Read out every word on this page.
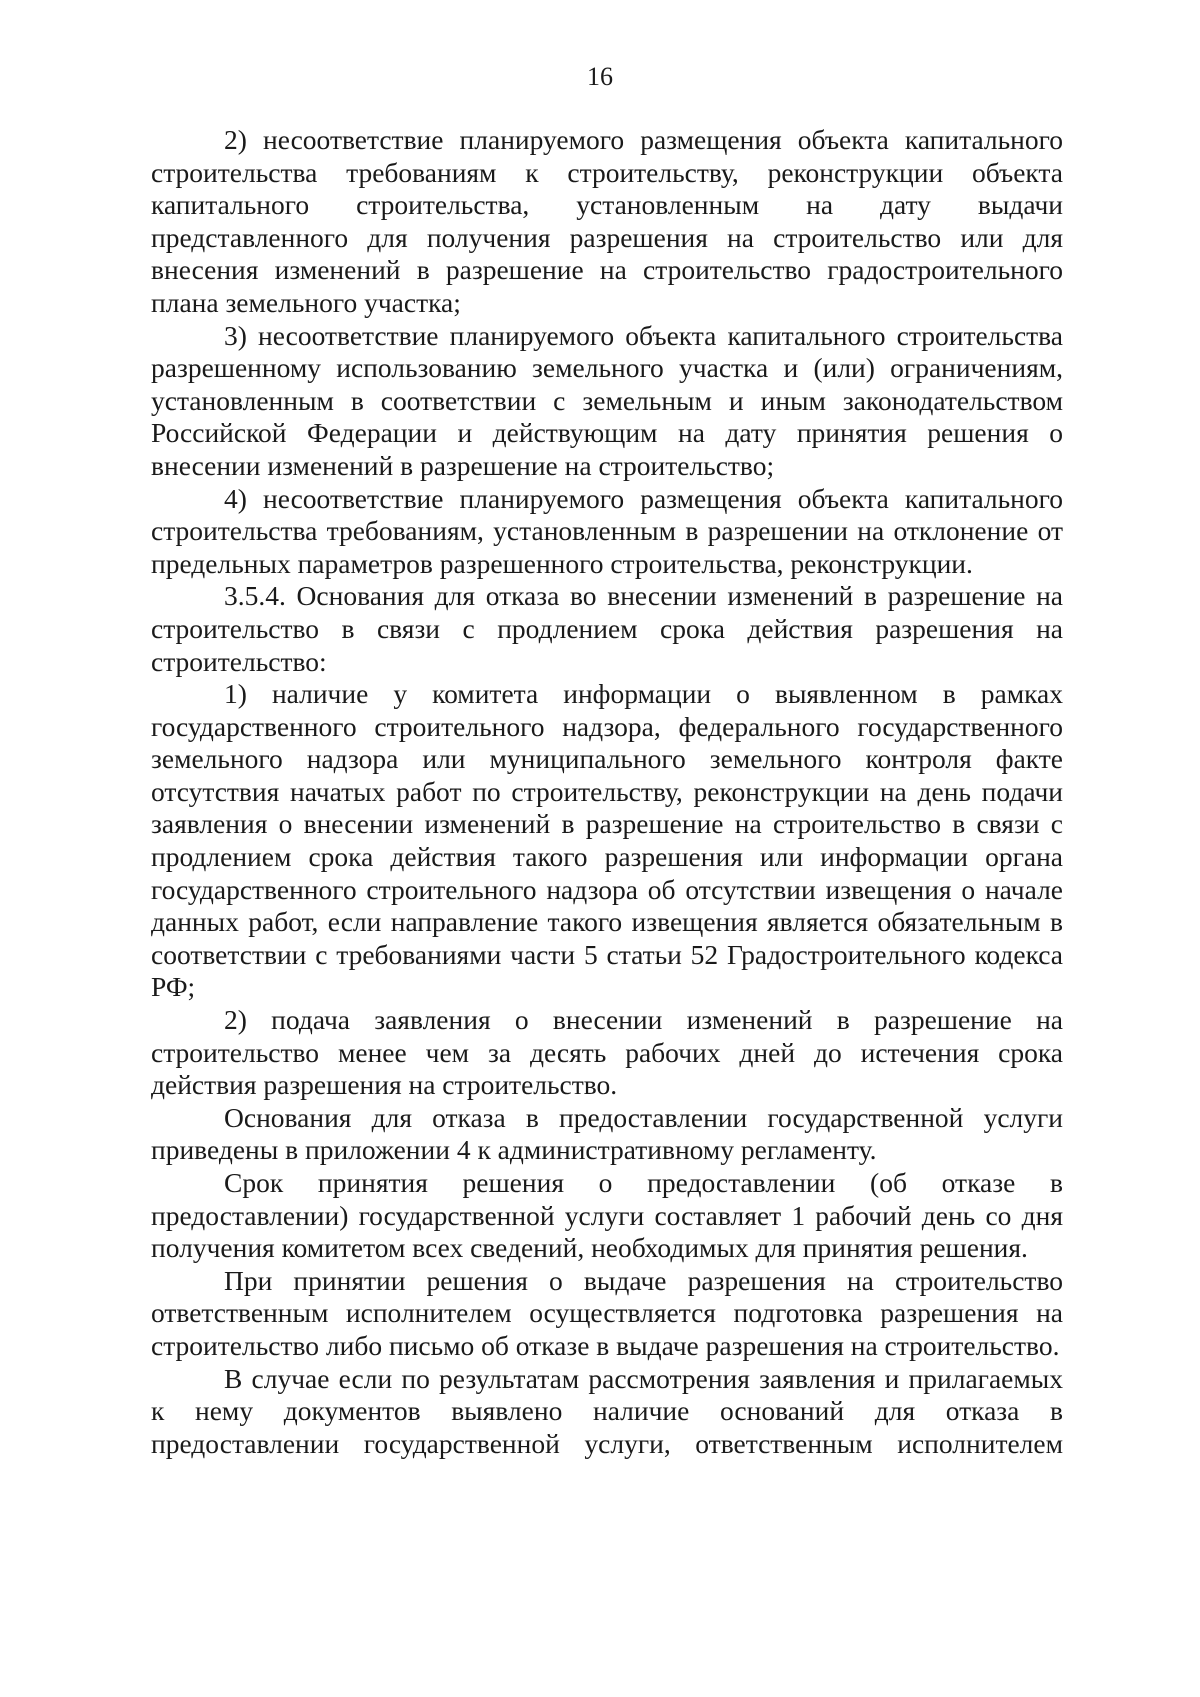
16

2) несоответствие планируемого размещения объекта капитального строительства требованиям к строительству, реконструкции объекта капитального строительства, установленным на дату выдачи представленного для получения разрешения на строительство или для внесения изменений в разрешение на строительство градостроительного плана земельного участка;

3) несоответствие планируемого объекта капитального строительства разрешенному использованию земельного участка и (или) ограничениям, установленным в соответствии с земельным и иным законодательством Российской Федерации и действующим на дату принятия решения о внесении изменений в разрешение на строительство;

4) несоответствие планируемого размещения объекта капитального строительства требованиям, установленным в разрешении на отклонение от предельных параметров разрешенного строительства, реконструкции.

3.5.4. Основания для отказа во внесении изменений в разрешение на строительство в связи с продлением срока действия разрешения на строительство:

1) наличие у комитета информации о выявленном в рамках государственного строительного надзора, федерального государственного земельного надзора или муниципального земельного контроля факте отсутствия начатых работ по строительству, реконструкции на день подачи заявления о внесении изменений в разрешение на строительство в связи с продлением срока действия такого разрешения или информации органа государственного строительного надзора об отсутствии извещения о начале данных работ, если направление такого извещения является обязательным в соответствии с требованиями части 5 статьи 52 Градостроительного кодекса РФ;

2) подача заявления о внесении изменений в разрешение на строительство менее чем за десять рабочих дней до истечения срока действия разрешения на строительство.

Основания для отказа в предоставлении государственной услуги приведены в приложении 4 к административному регламенту.

Срок принятия решения о предоставлении (об отказе в предоставлении) государственной услуги составляет 1 рабочий день со дня получения комитетом всех сведений, необходимых для принятия решения.

При принятии решения о выдаче разрешения на строительство ответственным исполнителем осуществляется подготовка разрешения на строительство либо письмо об отказе в выдаче разрешения на строительство.

В случае если по результатам рассмотрения заявления и прилагаемых к нему документов выявлено наличие оснований для отказа в предоставлении государственной услуги, ответственным исполнителем
